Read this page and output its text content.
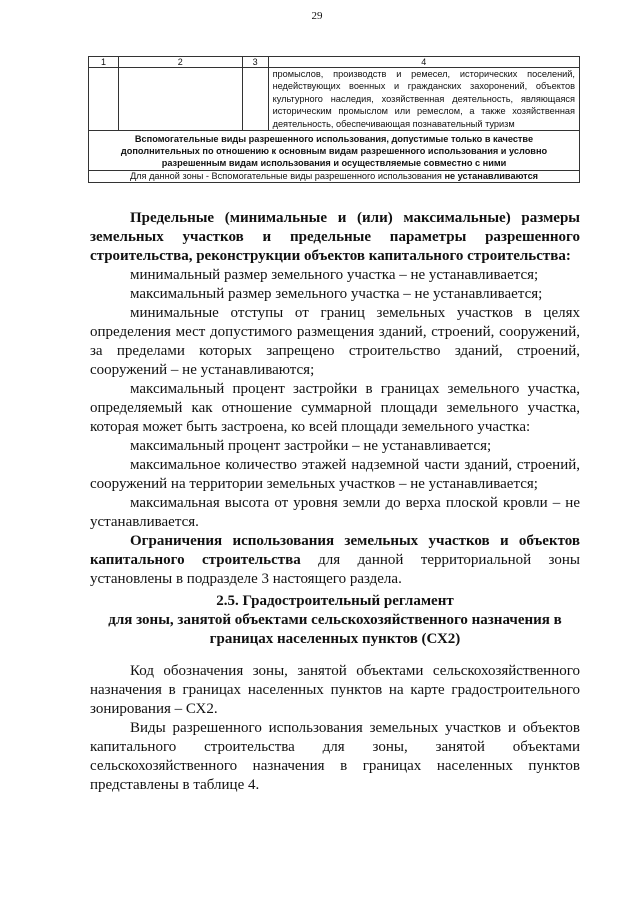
29
1	2	3	4
			промыслов, производств и ремесел, исторических поселений, недействующих военных и гражданских захоронений, объектов культурного наследия, хозяйственная деятельность, являющаяся историческим промыслом или ремеслом, а также хозяйственная деятельность, обеспечивающая познавательный туризм
Вспомогательные виды разрешенного использования, допустимые только в качестве дополнительных по отношению к основным видам разрешенного использования и условно разрешенным видам использования и осуществляемые совместно с ними			
Для данной зоны - Вспомогательные виды разрешенного использования не устанавливаются			

Предельные (минимальные и (или) максимальные) размеры земельных участков и предельные параметры разрешенного строительства, реконструкции объектов капитального строительства:

минимальный размер земельного участка – не устанавливается;

максимальный размер земельного участка – не устанавливается;

минимальные отступы от границ земельных участков в целях определения мест допустимого размещения зданий, строений, сооружений, за пределами которых запрещено строительство зданий, строений, сооружений – не устанавливаются;

максимальный процент застройки в границах земельного участка, определяемый как отношение суммарной площади земельного участка, которая может быть застроена, ко всей площади земельного участка:

максимальный процент застройки – не устанавливается;

максимальное количество этажей надземной части зданий, строений, сооружений на территории земельных участков – не устанавливается;

максимальная высота от уровня земли до верха плоской кровли – не устанавливается.

Ограничения использования земельных участков и объектов капитального строительства для данной территориальной зоны установлены в подразделе 3 настоящего раздела.

2.5. Градостроительный регламент
для зоны, занятой объектами сельскохозяйственного назначения в границах населенных пунктов (СХ2)

Код обозначения зоны, занятой объектами сельскохозяйственного назначения в границах населенных пунктов на карте градостроительного зонирования – СХ2.

Виды разрешенного использования земельных участков и объектов капитального строительства для зоны, занятой объектами сельскохозяйственного назначения в границах населенных пунктов представлены в таблице 4.
